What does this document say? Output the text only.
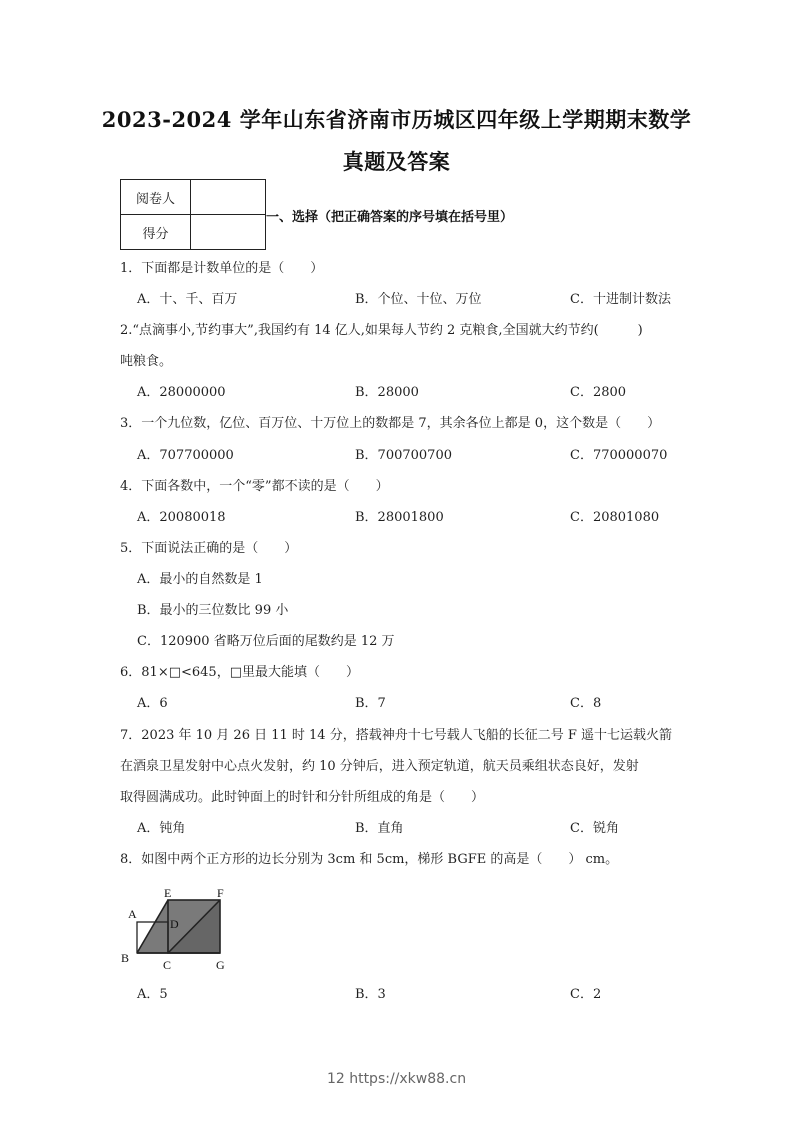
2023-2024 学年山东省济南市历城区四年级上学期期末数学
真题及答案
阅卷人	
得分	
一、选择（把正确答案的序号填在括号里）
1．下面都是计数单位的是（　　）
A．十、千、百万	B．个位、十位、万位	C．十进制计数法
2.“点滴事小,节约事大”,我国约有 14 亿人,如果每人节约 2 克粮食,全国就大约节约(　　　)
吨粮食。
A．28000000	B．28000	C．2800
3．一个九位数，亿位、百万位、十万位上的数都是 7，其余各位上都是 0，这个数是（　　）
A．707700000	B．700700700	C．770000070
4．下面各数中，一个“零”都不读的是（　　）
A．20080018	B．28001800	C．20801080
5．下面说法正确的是（　　）
A．最小的自然数是 1
B．最小的三位数比 99 小
C．120900 省略万位后面的尾数约是 12 万
6．81×□<645，□里最大能填（　　）
A．6	B．7	C．8
7．2023 年 10 月 26 日 11 时 14 分，搭载神舟十七号载人飞船的长征二号 F 遥十七运载火箭
在酒泉卫星发射中心点火发射，约 10 分钟后，进入预定轨道，航天员乘组状态良好，发射
取得圆满成功。此时钟面上的时针和分针所组成的角是（　　）
A．钝角	B．直角	C．锐角
8．如图中两个正方形的边长分别为 3cm 和 5cm，梯形 BGFE 的高是（　　） cm。
E	F
A
D
B	C	G
A．5	B．3	C．2
12 https://xkw88.cn
